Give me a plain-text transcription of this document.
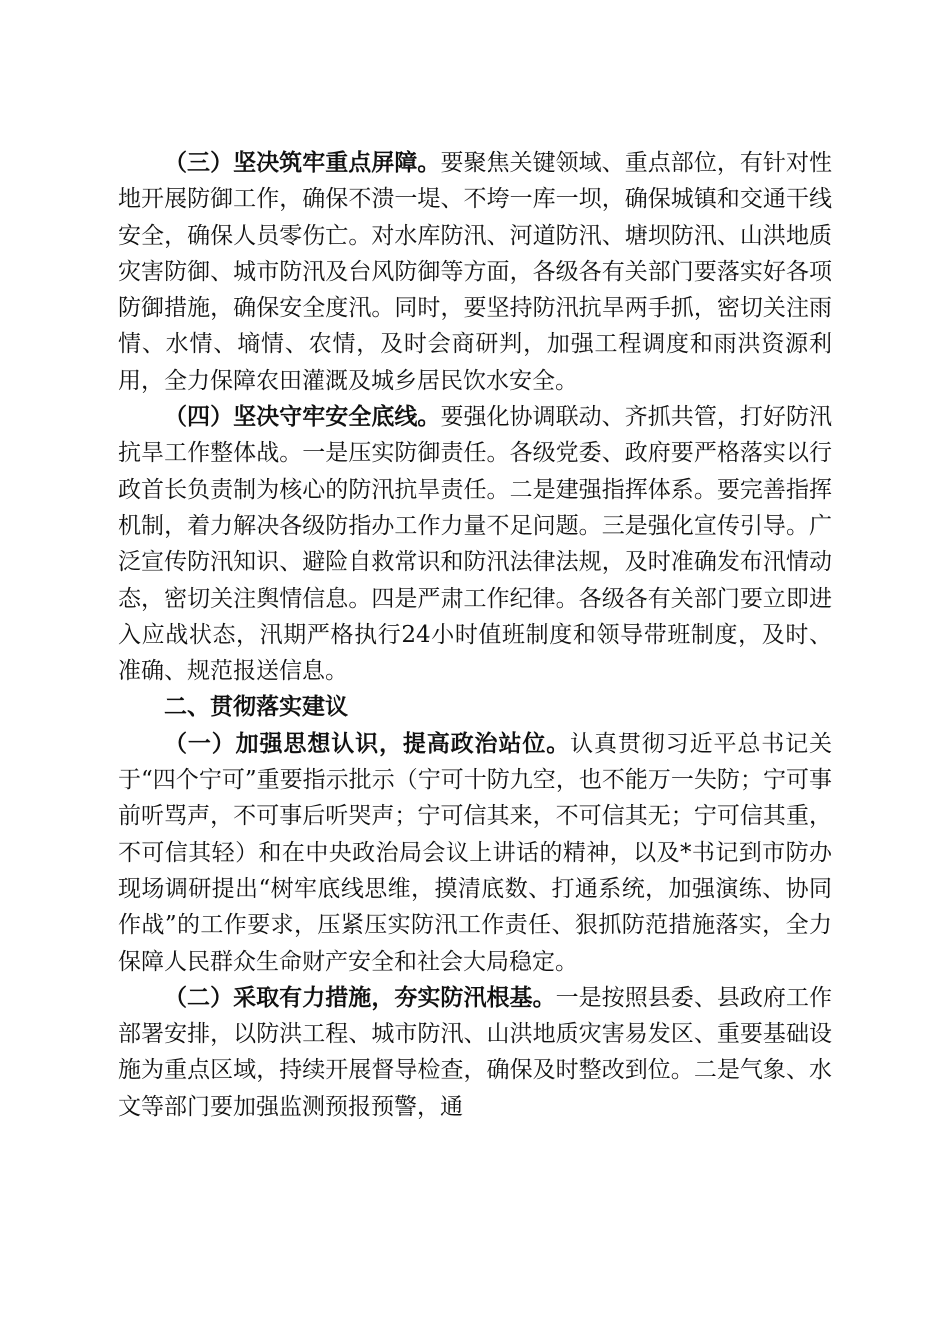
（三）坚决筑牢重点屏障。要聚焦关键领域、重点部位，有针对性地开展防御工作，确保不溃一堤、不垮一库一坝，确保城镇和交通干线安全，确保人员零伤亡。对水库防汛、河道防汛、塘坝防汛、山洪地质灾害防御、城市防汛及台风防御等方面，各级各有关部门要落实好各项防御措施，确保安全度汛。同时，要坚持防汛抗旱两手抓，密切关注雨情、水情、墒情、农情，及时会商研判，加强工程调度和雨洪资源利用，全力保障农田灌溉及城乡居民饮水安全。

（四）坚决守牢安全底线。要强化协调联动、齐抓共管，打好防汛抗旱工作整体战。一是压实防御责任。各级党委、政府要严格落实以行政首长负责制为核心的防汛抗旱责任。二是建强指挥体系。要完善指挥机制，着力解决各级防指办工作力量不足问题。三是强化宣传引导。广泛宣传防汛知识、避险自救常识和防汛法律法规，及时准确发布汛情动态，密切关注舆情信息。四是严肃工作纪律。各级各有关部门要立即进入应战状态，汛期严格执行24小时值班制度和领导带班制度，及时、准确、规范报送信息。

二、贯彻落实建议

（一）加强思想认识，提高政治站位。认真贯彻习近平总书记关于“四个宁可”重要指示批示（宁可十防九空，也不能万一失防；宁可事前听骂声，不可事后听哭声；宁可信其来，不可信其无；宁可信其重，不可信其轻）和在中央政治局会议上讲话的精神，以及*书记到市防办现场调研提出“树牢底线思维，摸清底数、打通系统，加强演练、协同作战”的工作要求，压紧压实防汛工作责任、狠抓防范措施落实，全力保障人民群众生命财产安全和社会大局稳定。

（二）采取有力措施，夯实防汛根基。一是按照县委、县政府工作部署安排，以防洪工程、城市防汛、山洪地质灾害易发区、重要基础设施为重点区域，持续开展督导检查，确保及时整改到位。二是气象、水文等部门要加强监测预报预警，通
